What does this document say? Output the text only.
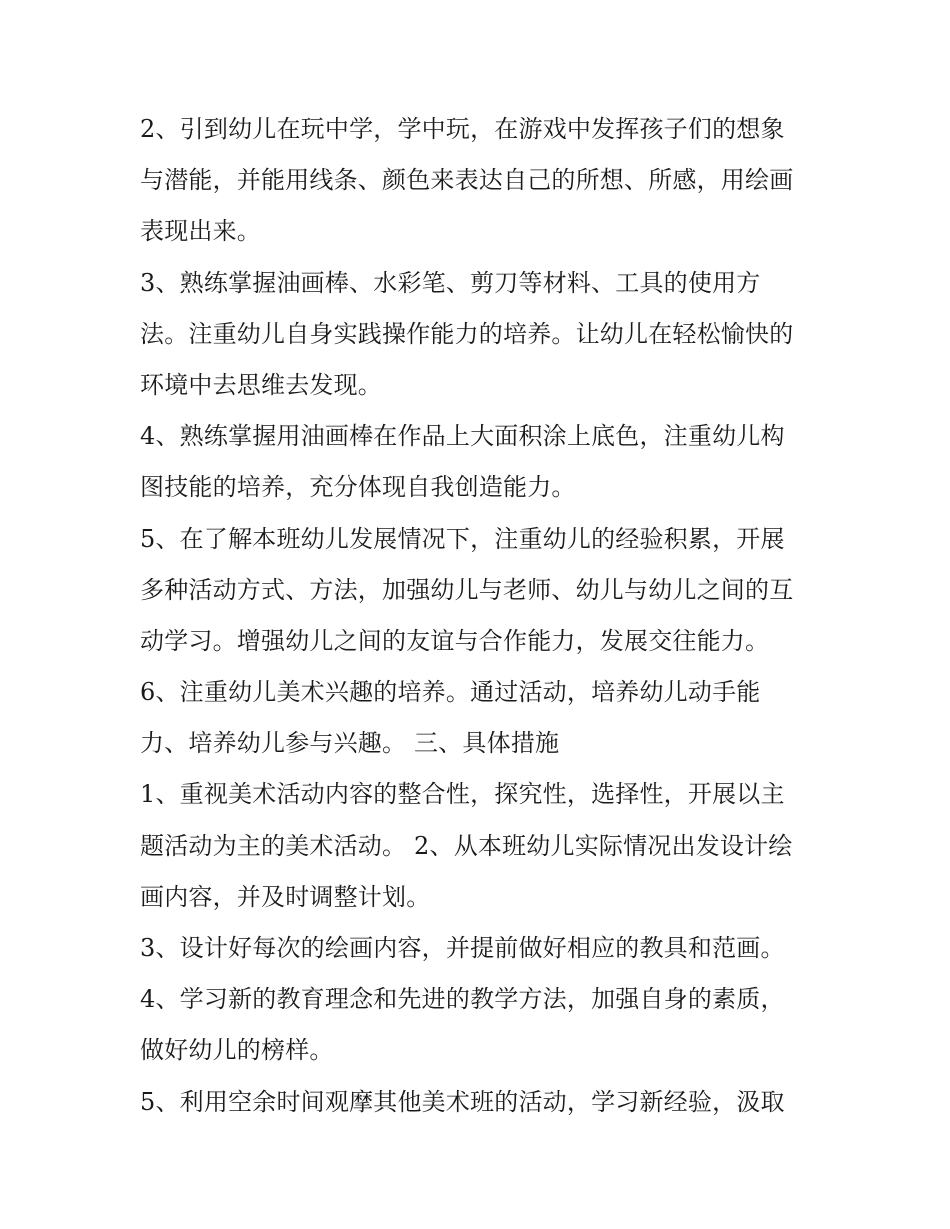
2、引到幼儿在玩中学，学中玩，在游戏中发挥孩子们的想象
与潜能，并能用线条、颜色来表达自己的所想、所感，用绘画
表现出来。
3、熟练掌握油画棒、水彩笔、剪刀等材料、工具的使用方
法。注重幼儿自身实践操作能力的培养。让幼儿在轻松愉快的
环境中去思维去发现。
4、熟练掌握用油画棒在作品上大面积涂上底色，注重幼儿构
图技能的培养，充分体现自我创造能力。
5、在了解本班幼儿发展情况下，注重幼儿的经验积累，开展
多种活动方式、方法，加强幼儿与老师、幼儿与幼儿之间的互
动学习。增强幼儿之间的友谊与合作能力，发展交往能力。
6、注重幼儿美术兴趣的培养。通过活动，培养幼儿动手能
力、培养幼儿参与兴趣。 三、具体措施
1、重视美术活动内容的整合性，探究性，选择性，开展以主
题活动为主的美术活动。 2、从本班幼儿实际情况出发设计绘
画内容，并及时调整计划。
3、设计好每次的绘画内容，并提前做好相应的教具和范画。
4、学习新的教育理念和先进的教学方法，加强自身的素质，
做好幼儿的榜样。
5、利用空余时间观摩其他美术班的活动，学习新经验，汲取
